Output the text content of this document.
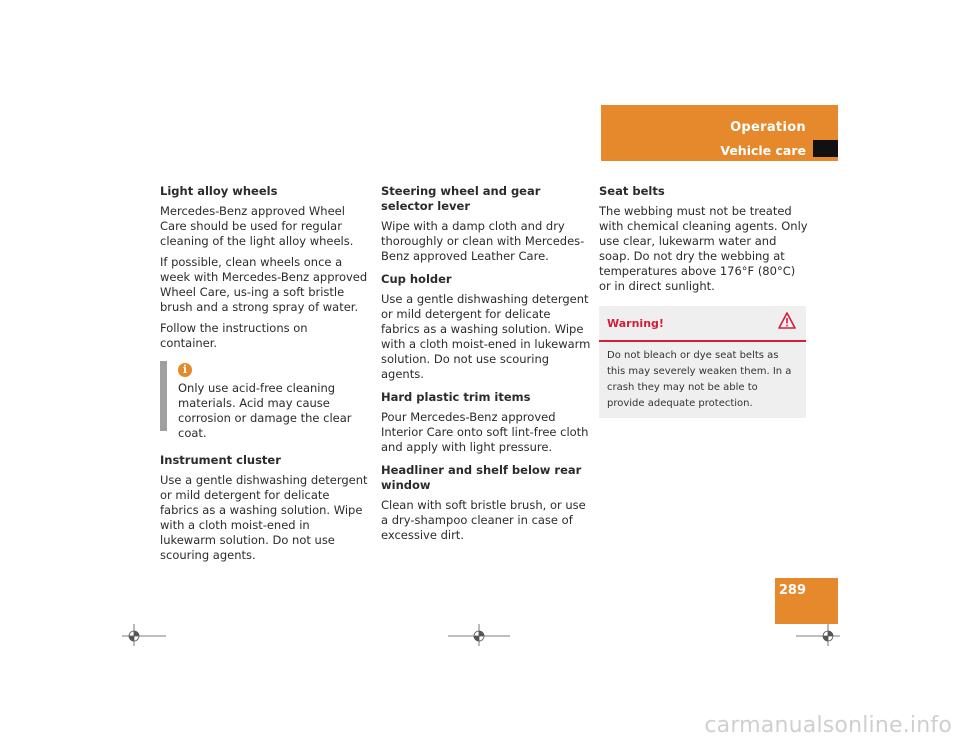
Operation
Vehicle care
Light alloy wheels
Mercedes-Benz approved Wheel Care should be used for regular cleaning of the light alloy wheels.
If possible, clean wheels once a week with Mercedes-Benz approved Wheel Care, us-ing a soft bristle brush and a strong spray of water.
Follow the instructions on container.
i
Only use acid-free cleaning materials. Acid may cause corrosion or damage the clear coat.
Instrument cluster
Use a gentle dishwashing detergent or mild detergent for delicate fabrics as a washing solution. Wipe with a cloth moist-ened in lukewarm solution. Do not use scouring agents.
Steering wheel and gear selector lever
Wipe with a damp cloth and dry thoroughly or clean with Mercedes-Benz approved Leather Care.
Cup holder
Use a gentle dishwashing detergent or mild detergent for delicate fabrics as a washing solution. Wipe with a cloth moist-ened in lukewarm solution. Do not use scouring agents.
Hard plastic trim items
Pour Mercedes-Benz approved Interior Care onto soft lint-free cloth and apply with light pressure.
Headliner and shelf below rear window
Clean with soft bristle brush, or use a dry-shampoo cleaner in case of excessive dirt.
Seat belts
The webbing must not be treated with chemical cleaning agents. Only use clear, lukewarm water and soap. Do not dry the webbing at temperatures above 176°F (80°C) or in direct sunlight.
Warning!
Do not bleach or dye seat belts as this may severely weaken them. In a crash they may not be able to provide adequate protection.
289
carmanualsonline.info
